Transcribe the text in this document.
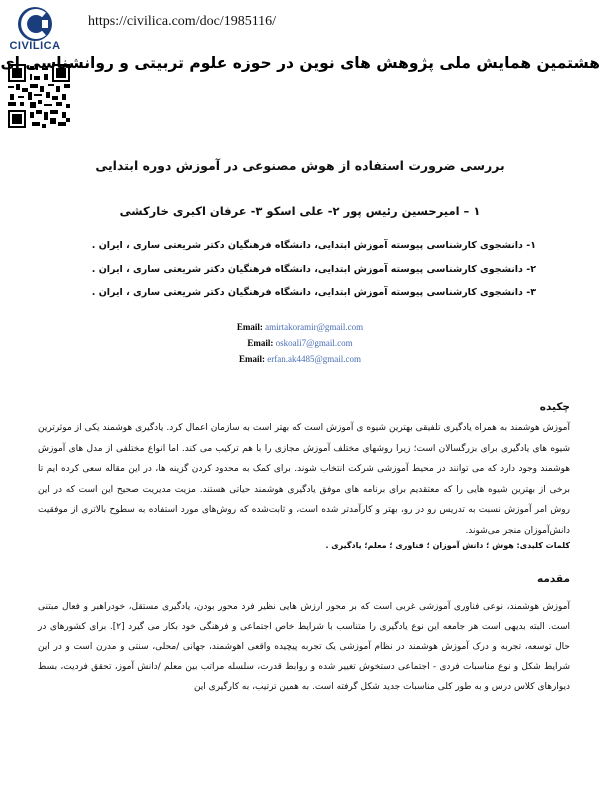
CIVILICA
https://civilica.com/doc/1985116/
هشتمین همایش ملی پژوهش های نوین در حوزه علوم تربیتی و روانشناسی ای
بررسی ضرورت استفاده از هوش مصنوعی در آموزش دوره ابتدایی
۱ – امیرحسین رئیس پور ۲- علی اسکو ۳- عرفان اکبری خارکشی
۱- دانشجوی کارشناسی پیوسته آموزش ابتدایی، دانشگاه فرهنگیان دکتر شریعتی ساری ، ایران .
۲- دانشجوی کارشناسی پیوسته آموزش ابتدایی، دانشگاه فرهنگیان دکتر شریعتی ساری ، ایران .
۳- دانشجوی کارشناسی پیوسته آموزش ابتدایی، دانشگاه فرهنگیان دکتر شریعتی ساری ، ایران .
Email: amirtakoramir@gmail.com
Email: oskoali7@gmail.com
Email: erfan.ak4485@gmail.com
چکیده

آموزش هوشمند به همراه یادگیری تلفیقی بهترین شیوه ی آموزش است که بهتر است به سازمان اعمال کرد. یادگیری هوشمند یکی از موثرترین شیوه های یادگیری برای بزرگسالان است؛ زیرا روشهای مختلف آموزش مجازی را با هم ترکیب می کند. اما انواع مختلفی از مدل های آموزش هوشمند وجود دارد که می توانند در محیط آموزشی شرکت انتخاب شوند. برای کمک به محدود کردن گزینه ها، در این مقاله سعی کرده ایم تا برخی از بهترین شیوه هایی را که معتقدیم برای برنامه های موفق یادگیری هوشمند حیاتی هستند. مزیت مدیریت صحیح این است که در این روش امر آموزش نسبت به تدریس رو در رو، بهتر و کارآمدتر شده است، و ثابت‌شده که روش‌های مورد استفاده به سطوح بالاتری از موفقیت دانش‌آموزان منجر می‌شوند.

کلمات کلیدی: هوش ؛ دانش آموزان ؛ فناوری ؛ معلم؛ یادگیری .
مقدمه

آموزش هوشمند، نوعی فناوری آموزشی غربی است که بر محور ارزش هایی نظیر فرد محور بودن، یادگیری مستقل، خودراهبر و فعال مبتنی است. البته بدیهی است هر جامعه این نوع یادگیری را متناسب با شرایط خاص اجتماعی و فرهنگی خود بکار می گیرد [۲]. برای کشورهای در حال توسعه، تجربه و درک آموزش هوشمند در نظام آموزشی یک تجربه پیچیده واقعی اهوشمند، جهانی /محلی، سنتی و مدرن است و در این شرایط شکل و نوع مناسبات فردی - اجتماعی دستخوش تغییر شده و روابط قدرت، سلسله مراتب بین معلم /دانش آموز، تحقق فردیت، بسط دیوارهای کلاس درس و به طور کلی مناسبات جدید شکل گرفته است. به همین ترتیب، به کارگیری این
